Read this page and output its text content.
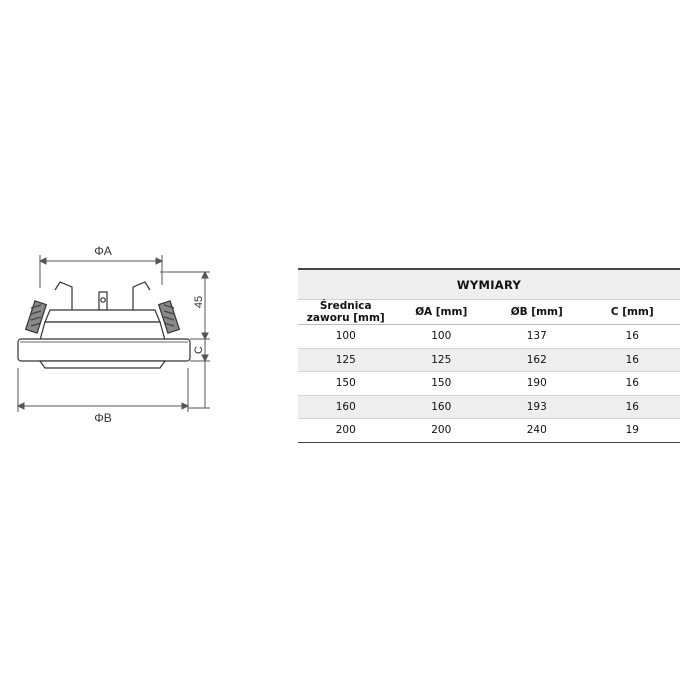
ΦA
ΦB
45
C
WYMIARY			
Średnica zaworu [mm]	ØA [mm]	ØB [mm]	C [mm]
100	100	137	16
125	125	162	16
150	150	190	16
160	160	193	16
200	200	240	19
